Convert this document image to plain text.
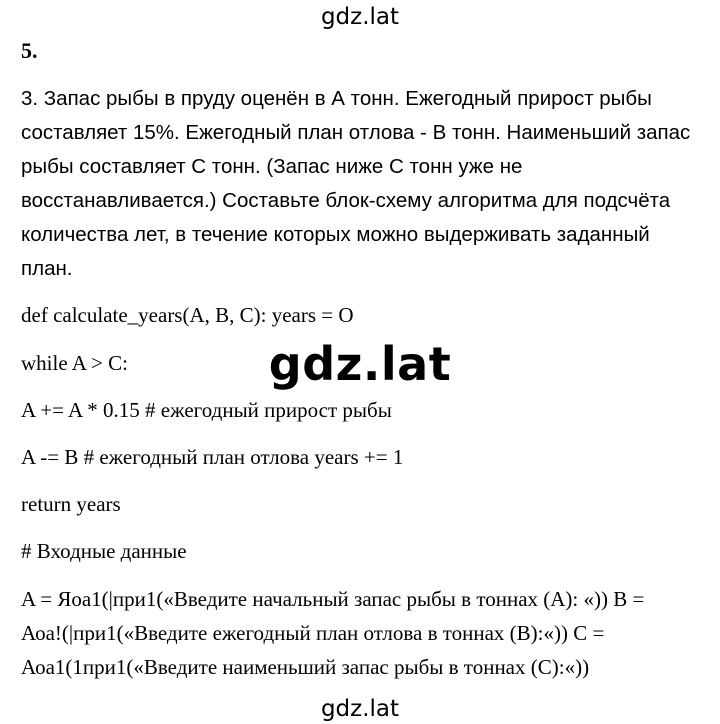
gdz.lat
5.
3. Запас рыбы в пруду оценён в А тонн. Ежегодный прирост рыбы
составляет 15%. Ежегодный план отлова - В тонн. Наименьший запас
рыбы составляет С тонн. (Запас ниже С тонн уже не
восстанавливается.) Составьте блок-схему алгоритма для подсчёта
количества лет, в течение которых можно выдерживать заданный
план.
def calculate_years(A, B, C): years = O
while A > C:	gdz.lat
A += A * 0.15 # ежегодный прирост рыбы
A -= B # ежегодный план отлова years += 1
return years
# Входные данные
A = Яоа1(|при1(«Введите начальный запас рыбы в тоннах (А): «)) В =
Аоа!(|при1(«Введите ежегодный план отлова в тоннах (В):«)) С =
Аоа1(1при1(«Введите наименьший запас рыбы в тоннах (С):«))
gdz.lat
